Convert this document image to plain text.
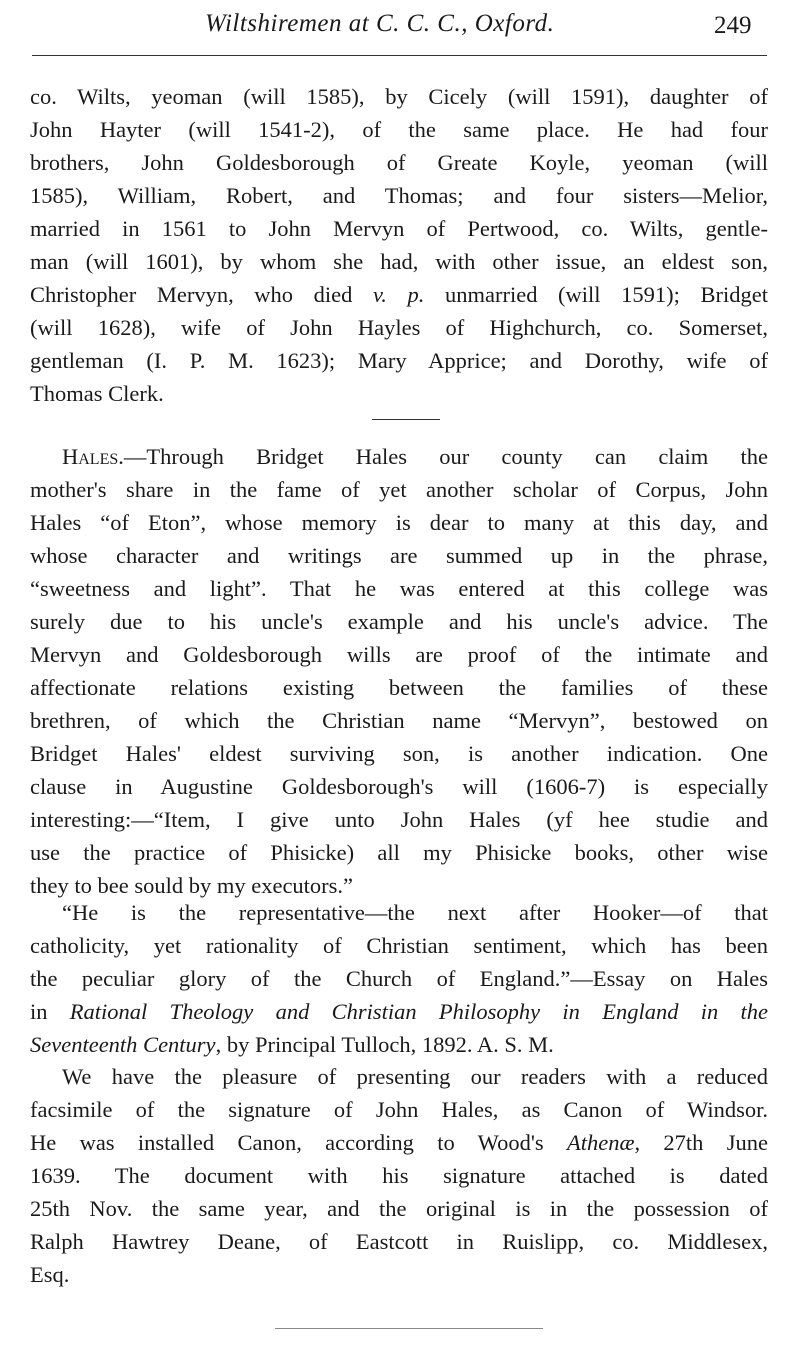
Wiltshiremen at C. C. C., Oxford.	249
co. Wilts, yeoman (will 1585), by Cicely (will 1591), daughter of
John Hayter (will 1541-2), of the same place. He had four
brothers, John Goldesborough of Greate Koyle, yeoman (will
1585), William, Robert, and Thomas; and four sisters—Melior,
married in 1561 to John Mervyn of Pertwood, co. Wilts, gentle-
man (will 1601), by whom she had, with other issue, an eldest son,
Christopher Mervyn, who died v. p. unmarried (will 1591); Bridget
(will 1628), wife of John Hayles of Highchurch, co. Somerset,
gentleman (I. P. M. 1623); Mary Apprice; and Dorothy, wife of
Thomas Clerk.
Hales.—Through Bridget Hales our county can claim the
mother's share in the fame of yet another scholar of Corpus, John
Hales “of Eton”, whose memory is dear to many at this day, and
whose character and writings are summed up in the phrase,
“sweetness and light”. That he was entered at this college was
surely due to his uncle's example and his uncle's advice. The
Mervyn and Goldesborough wills are proof of the intimate and
affectionate relations existing between the families of these
brethren, of which the Christian name “Mervyn”, bestowed on
Bridget Hales' eldest surviving son, is another indication. One
clause in Augustine Goldesborough's will (1606-7) is especially
interesting:—“Item, I give unto John Hales (yf hee studie and
use the practice of Phisicke) all my Phisicke books, other wise
they to bee sould by my executors.”
“He is the representative—the next after Hooker—of that
catholicity, yet rationality of Christian sentiment, which has been
the peculiar glory of the Church of England.”—Essay on Hales
in Rational Theology and Christian Philosophy in England in the
Seventeenth Century, by Principal Tulloch, 1892. A. S. M.
We have the pleasure of presenting our readers with a reduced
facsimile of the signature of John Hales, as Canon of Windsor.
He was installed Canon, according to Wood's Athenæ, 27th June
1639. The document with his signature attached is dated
25th Nov. the same year, and the original is in the possession of
Ralph Hawtrey Deane, of Eastcott in Ruislipp, co. Middlesex,
Esq.
